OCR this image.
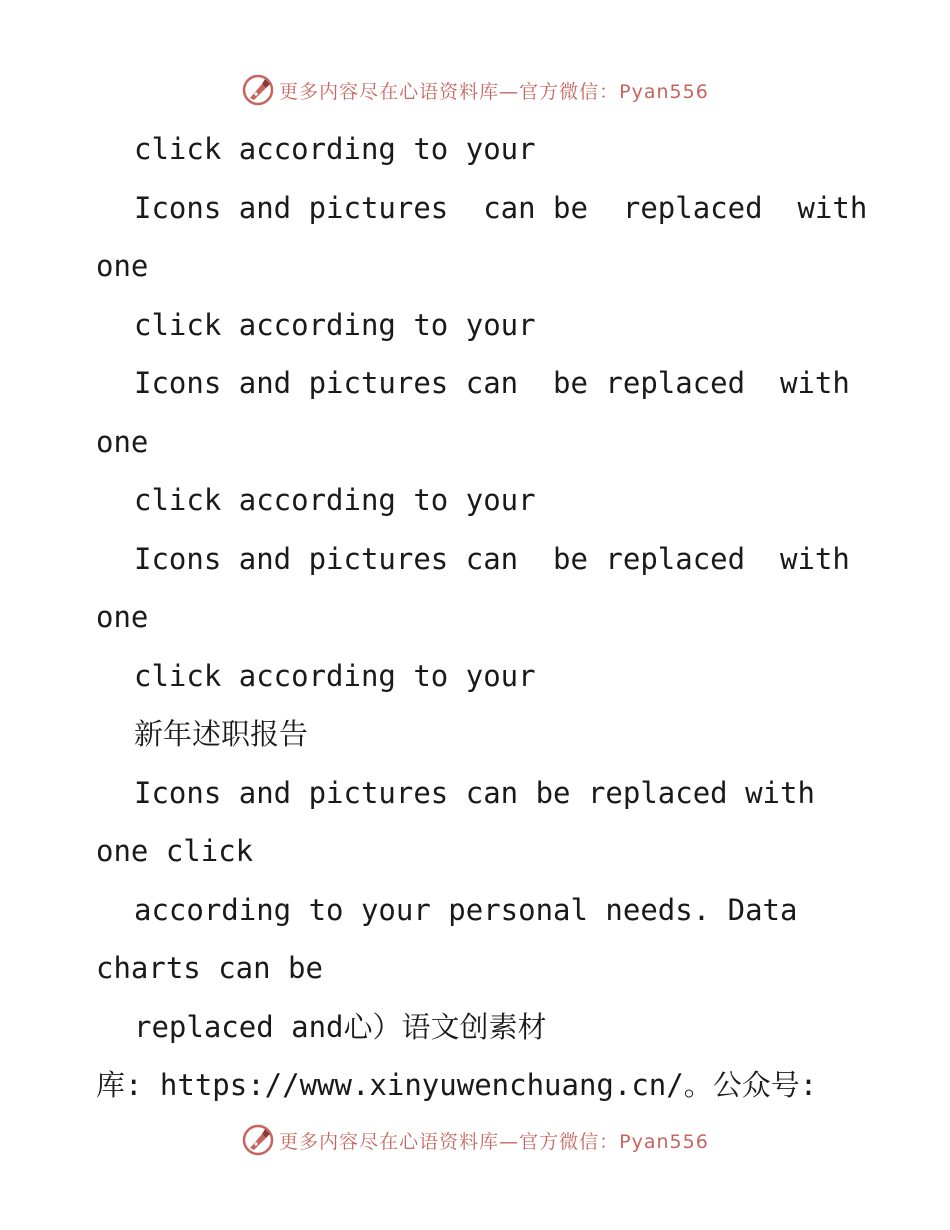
更多内容尽在心语资料库—官方微信：Pyan556
click according to your
Icons and pictures  can be  replaced  with
one
click according to your
Icons and pictures can  be replaced  with
one
click according to your
Icons and pictures can  be replaced  with
one
click according to your
新年述职报告
Icons and pictures can be replaced with
one click
according to your personal needs. Data
charts can be
replaced and心）语文创素材
库: https://www.xinyuwenchuang.cn/。公众号:
更多内容尽在心语资料库—官方微信：Pyan556
